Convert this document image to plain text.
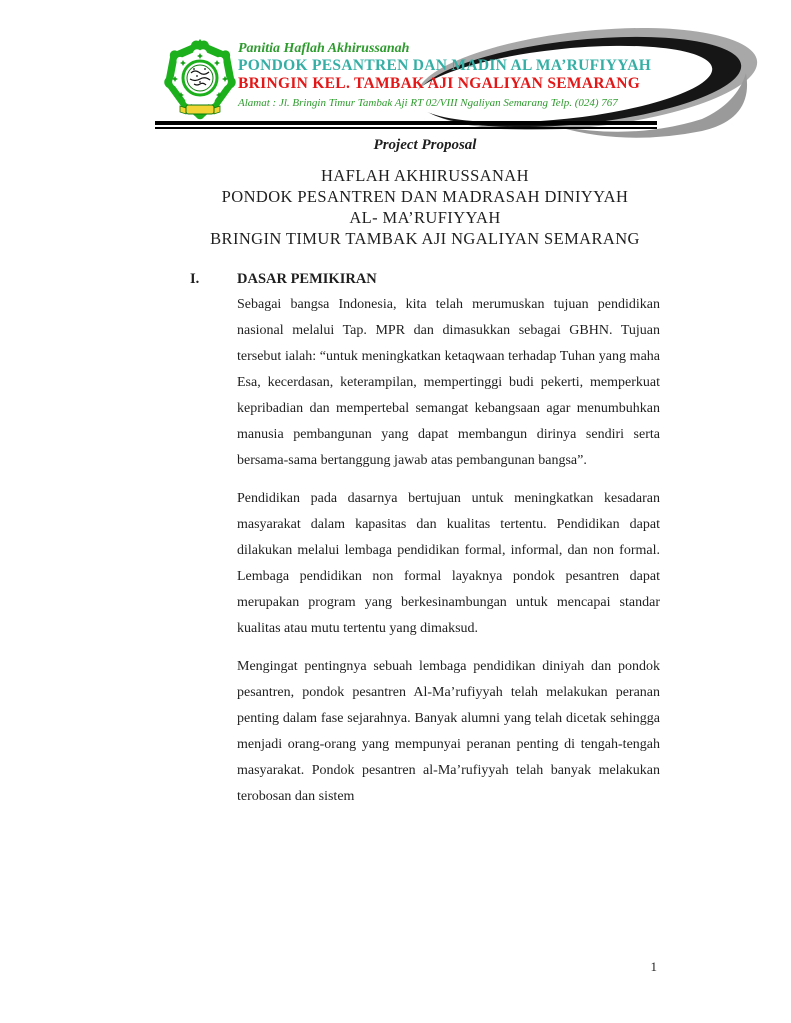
Panitia Haflah Akhirussanah
PONDOK PESANTREN DAN MADIN AL MA’RUFIYYAH
BRINGIN KEL. TAMBAK AJI NGALIYAN SEMARANG
Alamat : Jl. Bringin Timur Tambak Aji RT 02/VIII Ngaliyan Semarang Telp. (024) 767
Project Proposal
HAFLAH AKHIRUSSANAH
PONDOK PESANTREN DAN MADRASAH DINIYYAH
AL- MA’RUFIYYAH
BRINGIN TIMUR TAMBAK AJI NGALIYAN SEMARANG
I.	DASAR PEMIKIRAN

Sebagai bangsa Indonesia, kita telah merumuskan tujuan pendidikan nasional melalui Tap. MPR dan dimasukkan sebagai GBHN. Tujuan tersebut ialah: “untuk meningkatkan ketaqwaan terhadap Tuhan yang maha Esa, kecerdasan, keterampilan, mempertinggi budi pekerti, memperkuat kepribadian dan mempertebal semangat kebangsaan agar menumbuhkan manusia pembangunan yang dapat membangun dirinya sendiri serta bersama-sama bertanggung jawab atas pembangunan bangsa”.

Pendidikan pada dasarnya bertujuan untuk meningkatkan kesadaran masyarakat dalam kapasitas dan kualitas tertentu. Pendidikan dapat dilakukan melalui lembaga pendidikan formal, informal, dan non formal. Lembaga pendidikan non formal layaknya pondok pesantren dapat merupakan program yang berkesinambungan untuk mencapai standar kualitas atau mutu tertentu yang dimaksud.

Mengingat pentingnya sebuah lembaga pendidikan diniyah dan pondok pesantren, pondok pesantren Al-Ma’rufiyyah telah melakukan peranan penting dalam fase sejarahnya. Banyak alumni yang telah dicetak sehingga menjadi orang-orang yang mempunyai peranan penting di tengah-tengah masyarakat. Pondok pesantren al-Ma’rufiyyah telah banyak melakukan terobosan dan sistem

1
